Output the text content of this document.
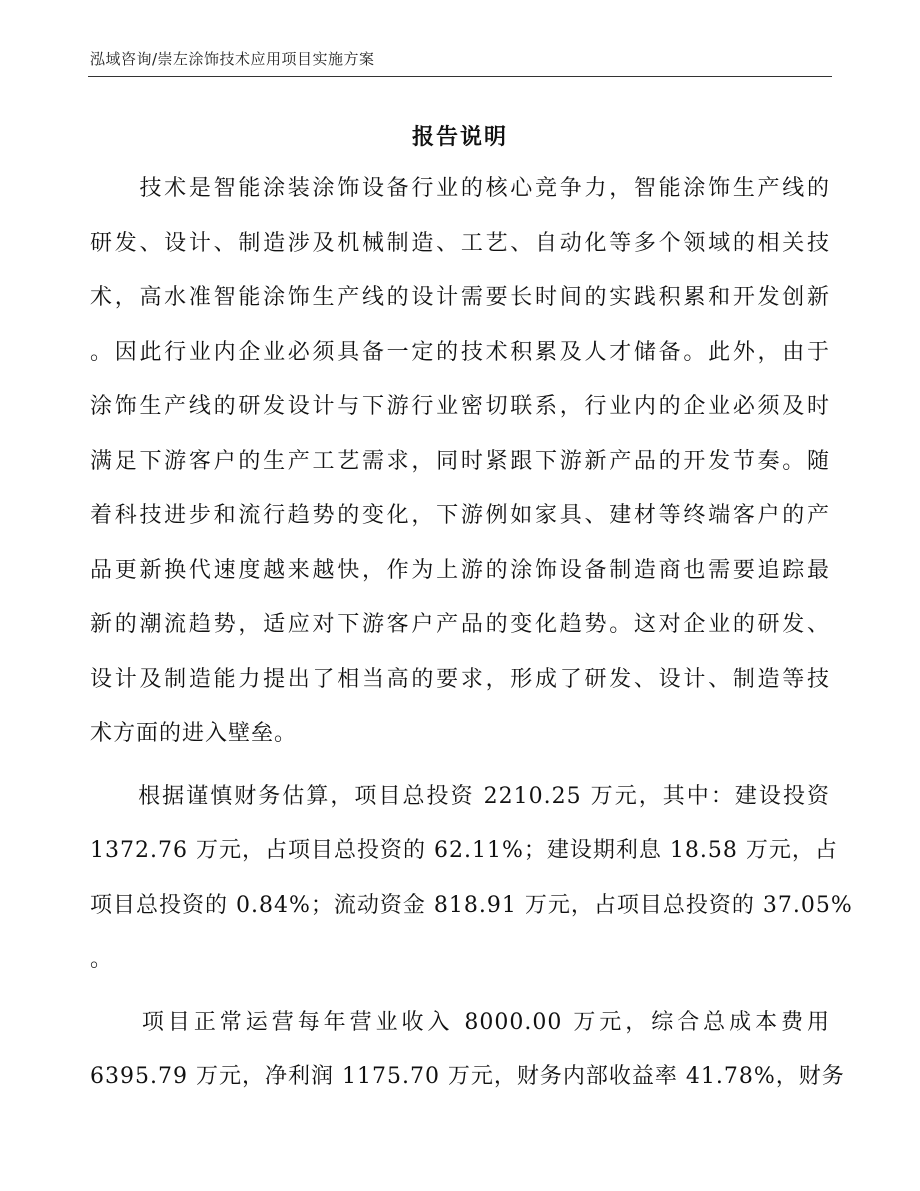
泓域咨询/崇左涂饰技术应用项目实施方案
报告说明

　　技术是智能涂装涂饰设备行业的核心竞争力，智能涂饰生产线的
研发、设计、制造涉及机械制造、工艺、自动化等多个领域的相关技
术，高水准智能涂饰生产线的设计需要长时间的实践积累和开发创新
。因此行业内企业必须具备一定的技术积累及人才储备。此外，由于
涂饰生产线的研发设计与下游行业密切联系，行业内的企业必须及时
满足下游客户的生产工艺需求，同时紧跟下游新产品的开发节奏。随
着科技进步和流行趋势的变化，下游例如家具、建材等终端客户的产
品更新换代速度越来越快，作为上游的涂饰设备制造商也需要追踪最
新的潮流趋势，适应对下游客户产品的变化趋势。这对企业的研发、
设计及制造能力提出了相当高的要求，形成了研发、设计、制造等技
术方面的进入壁垒。

　　根据谨慎财务估算，项目总投资 2210.25 万元，其中：建设投资
1372.76 万元，占项目总投资的 62.11%；建设期利息 18.58 万元，占
项目总投资的 0.84%；流动资金 818.91 万元，占项目总投资的 37.05%
。

　　项目正常运营每年营业收入 8000.00 万元，综合总成本费用
6395.79 万元，净利润 1175.70 万元，财务内部收益率 41.78%，财务
